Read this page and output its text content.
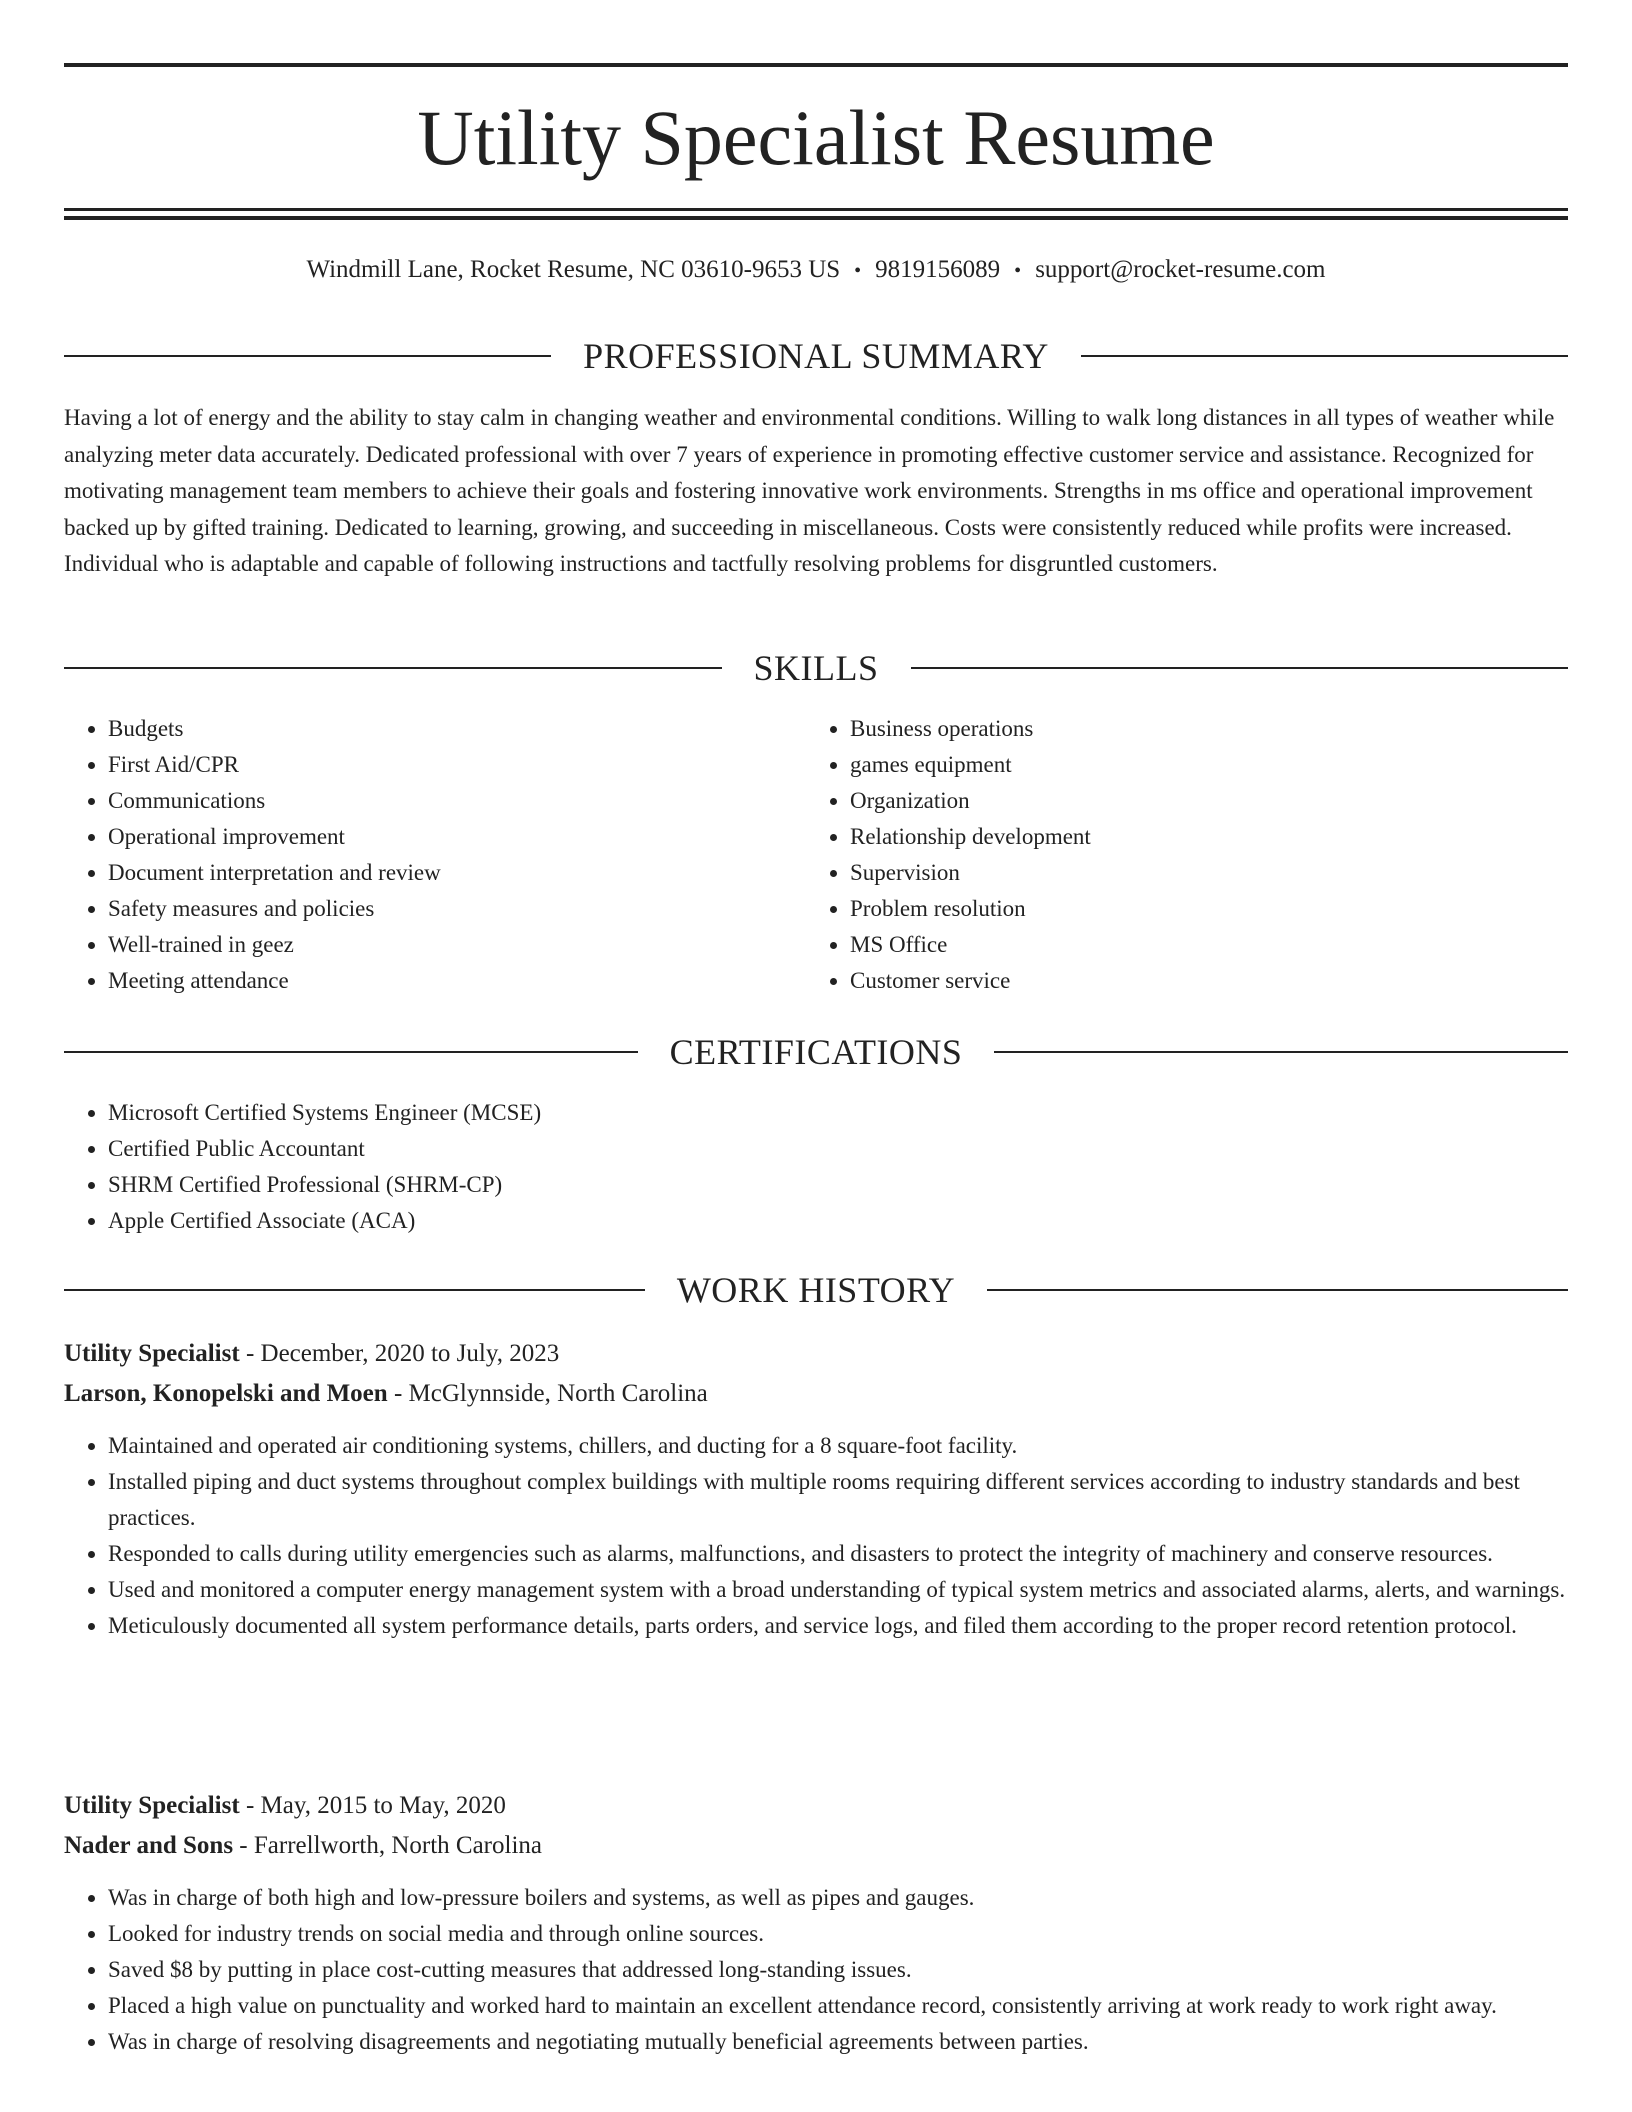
Utility Specialist Resume
Windmill Lane, Rocket Resume, NC 03610-9653 US • 9819156089 • support@rocket-resume.com
PROFESSIONAL SUMMARY

Having a lot of energy and the ability to stay calm in changing weather and environmental conditions. Willing to walk long distances in all types of weather while analyzing meter data accurately. Dedicated professional with over 7 years of experience in promoting effective customer service and assistance. Recognized for motivating management team members to achieve their goals and fostering innovative work environments. Strengths in ms office and operational improvement backed up by gifted training. Dedicated to learning, growing, and succeeding in miscellaneous. Costs were consistently reduced while profits were increased. Individual who is adaptable and capable of following instructions and tactfully resolving problems for disgruntled customers.

SKILLS
• Budgets
• First Aid/CPR
• Communications
• Operational improvement
• Document interpretation and review
• Safety measures and policies
• Well-trained in geez
• Meeting attendance
• Business operations
• games equipment
• Organization
• Relationship development
• Supervision
• Problem resolution
• MS Office
• Customer service
CERTIFICATIONS
• Microsoft Certified Systems Engineer (MCSE)
• Certified Public Accountant
• SHRM Certified Professional (SHRM-CP)
• Apple Certified Associate (ACA)
WORK HISTORY
Utility Specialist - December, 2020 to July, 2023
Larson, Konopelski and Moen - McGlynnside, North Carolina
• Maintained and operated air conditioning systems, chillers, and ducting for a 8 square-foot facility.
• Installed piping and duct systems throughout complex buildings with multiple rooms requiring different services according to industry standards and best practices.
• Responded to calls during utility emergencies such as alarms, malfunctions, and disasters to protect the integrity of machinery and conserve resources.
• Used and monitored a computer energy management system with a broad understanding of typical system metrics and associated alarms, alerts, and warnings.
• Meticulously documented all system performance details, parts orders, and service logs, and filed them according to the proper record retention protocol.
Utility Specialist - May, 2015 to May, 2020
Nader and Sons - Farrellworth, North Carolina
• Was in charge of both high and low-pressure boilers and systems, as well as pipes and gauges.
• Looked for industry trends on social media and through online sources.
• Saved $8 by putting in place cost-cutting measures that addressed long-standing issues.
• Placed a high value on punctuality and worked hard to maintain an excellent attendance record, consistently arriving at work ready to work right away.
• Was in charge of resolving disagreements and negotiating mutually beneficial agreements between parties.
